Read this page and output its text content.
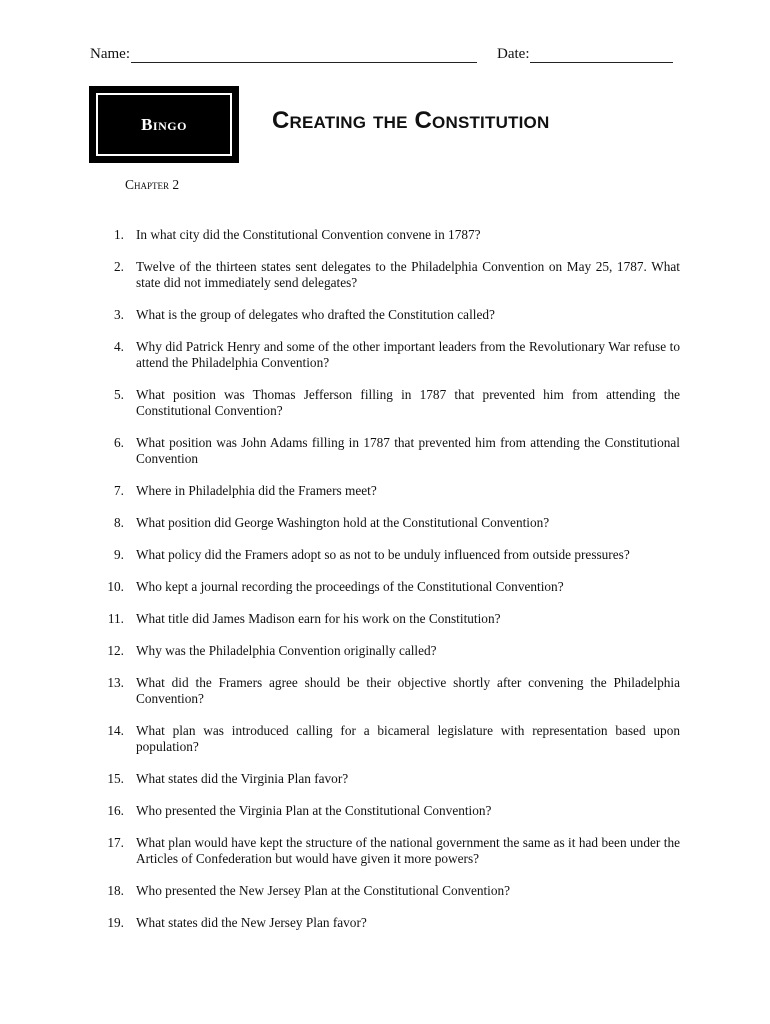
Name:	Date:
Bingo	Creating the Constitution
Chapter 2
1. In what city did the Constitutional Convention convene in 1787?
2. Twelve of the thirteen states sent delegates to the Philadelphia Convention on May 25, 1787. What state did not immediately send delegates?
3. What is the group of delegates who drafted the Constitution called?
4. Why did Patrick Henry and some of the other important leaders from the Revolutionary War refuse to attend the Philadelphia Convention?
5. What position was Thomas Jefferson filling in 1787 that prevented him from attending the Constitutional Convention?
6. What position was John Adams filling in 1787 that prevented him from attending the Constitutional Convention
7. Where in Philadelphia did the Framers meet?
8. What position did George Washington hold at the Constitutional Convention?
9. What policy did the Framers adopt so as not to be unduly influenced from outside pressures?
10. Who kept a journal recording the proceedings of the Constitutional Convention?
11. What title did James Madison earn for his work on the Constitution?
12. Why was the Philadelphia Convention originally called?
13. What did the Framers agree should be their objective shortly after convening the Philadelphia Convention?
14. What plan was introduced calling for a bicameral legislature with representation based upon population?
15. What states did the Virginia Plan favor?
16. Who presented the Virginia Plan at the Constitutional Convention?
17. What plan would have kept the structure of the national government the same as it had been under the Articles of Confederation but would have given it more powers?
18. Who presented the New Jersey Plan at the Constitutional Convention?
19. What states did the New Jersey Plan favor?
